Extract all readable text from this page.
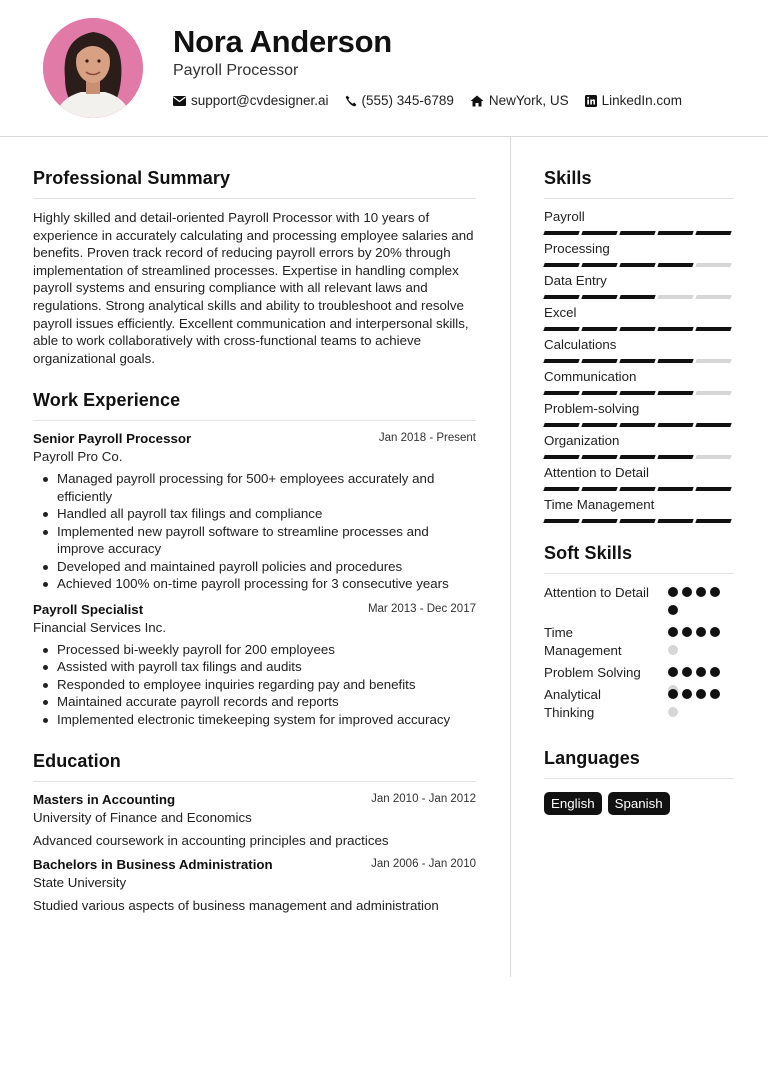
Nora Anderson
Payroll Processor
support@cvdesigner.ai (555) 345-6789	NewYork, US LinkedIn.com
Professional Summary

Highly skilled and detail-oriented Payroll Processor with 10 years of experience in accurately calculating and processing employee salaries and benefits. Proven track record of reducing payroll errors by 20% through implementation of streamlined processes. Expertise in handling complex payroll systems and ensuring compliance with all relevant laws and regulations. Strong analytical skills and ability to troubleshoot and resolve payroll issues efficiently. Excellent communication and interpersonal skills, able to work collaboratively with cross-functional teams to achieve organizational goals.

Work Experience
Senior Payroll Processor	Jan 2018 - Present
Payroll Pro Co.
Managed payroll processing for 500+ employees accurately and efficiently
Handled all payroll tax filings and compliance
Implemented new payroll software to streamline processes and improve accuracy
Developed and maintained payroll policies and procedures
Achieved 100% on-time payroll processing for 3 consecutive years
Payroll Specialist	Mar 2013 - Dec 2017
Financial Services Inc.
Processed bi-weekly payroll for 200 employees
Assisted with payroll tax filings and audits
Responded to employee inquiries regarding pay and benefits
Maintained accurate payroll records and reports
Implemented electronic timekeeping system for improved accuracy
Education
Masters in Accounting	Jan 2010 - Jan 2012
University of Finance and Economics
Advanced coursework in accounting principles and practices
Bachelors in Business Administration	Jan 2006 - Jan 2010
State University
Studied various aspects of business management and administration
Skills
Payroll
Processing
Data Entry
Excel
Calculations
Communication
Problem-solving
Organization
Attention to Detail
Time Management
Soft Skills
Attention to Detail
Time Management
Problem Solving
Analytical Thinking
Languages
English	Spanish
